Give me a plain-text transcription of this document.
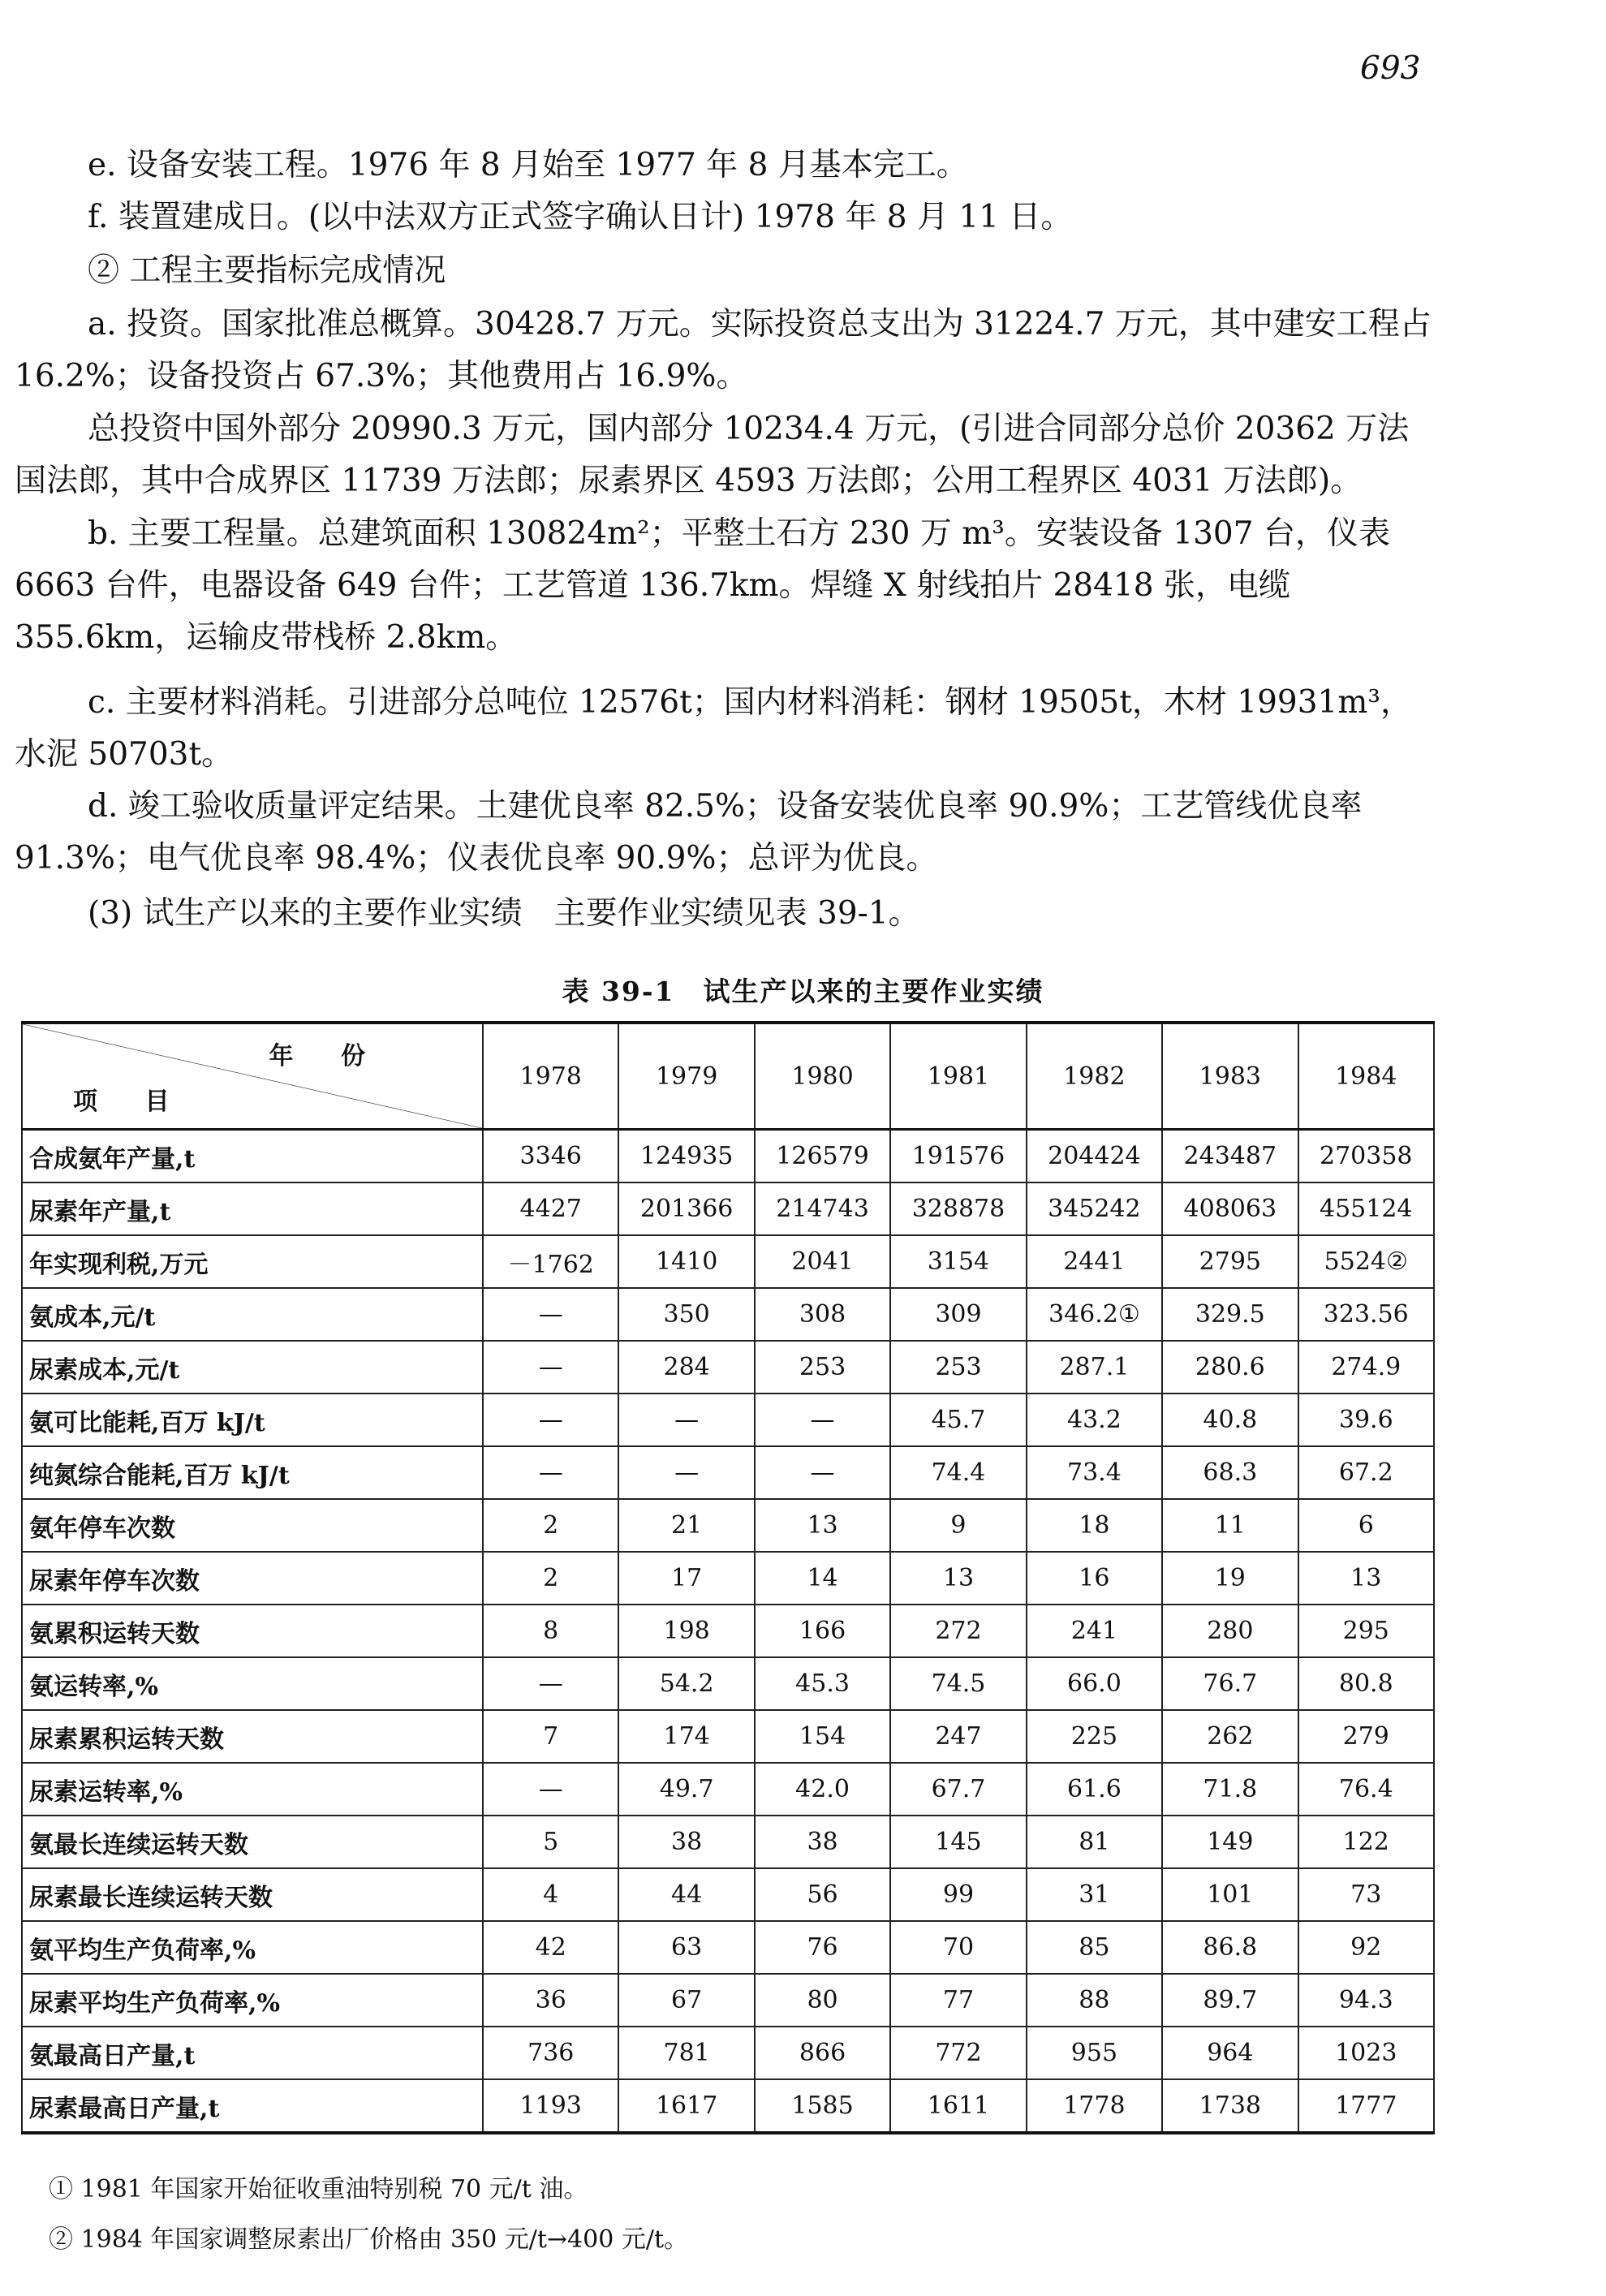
693

e. 设备安装工程。1976 年 8 月始至 1977 年 8 月基本完工。

f. 装置建成日。(以中法双方正式签字确认日计) 1978 年 8 月 11 日。

② 工程主要指标完成情况

a. 投资。国家批准总概算。30428.7 万元。实际投资总支出为 31224.7 万元，其中建安工程占 16.2%；设备投资占 67.3%；其他费用占 16.9%。

总投资中国外部分 20990.3 万元，国内部分 10234.4 万元，(引进合同部分总价 20362 万法国法郎，其中合成界区 11739 万法郎；尿素界区 4593 万法郎；公用工程界区 4031 万法郎)。

b. 主要工程量。总建筑面积 130824m²；平整土石方 230 万 m³。安装设备 1307 台，仪表 6663 台件，电器设备 649 台件；工艺管道 136.7km。焊缝 X 射线拍片 28418 张，电缆 355.6km，运输皮带栈桥 2.8km。

c. 主要材料消耗。引进部分总吨位 12576t；国内材料消耗：钢材 19505t，木材 19931m³，水泥 50703t。

d. 竣工验收质量评定结果。土建优良率 82.5%；设备安装优良率 90.9%；工艺管线优良率 91.3%；电气优良率 98.4%；仪表优良率 90.9%；总评为优良。

(3) 试生产以来的主要作业实绩　主要作业实绩见表 39-1。

表 39-1　试生产以来的主要作业实绩
年 份
项 目	1978	1979	1980	1981	1982	1983	1984
合成氨年产量,t	3346	124935	126579	191576	204424	243487	270358
尿素年产量,t	4427	201366	214743	328878	345242	408063	455124
年实现利税,万元	－1762	1410	2041	3154	2441	2795	5524②
氨成本,元/t	—	350	308	309	346.2①	329.5	323.56
尿素成本,元/t	—	284	253	253	287.1	280.6	274.9
氨可比能耗,百万 kJ/t	—	—	—	45.7	43.2	40.8	39.6
纯氮综合能耗,百万 kJ/t	—	—	—	74.4	73.4	68.3	67.2
氨年停车次数	2	21	13	9	18	11	6
尿素年停车次数	2	17	14	13	16	19	13
氨累积运转天数	8	198	166	272	241	280	295
氨运转率,%	—	54.2	45.3	74.5	66.0	76.7	80.8
尿素累积运转天数	7	174	154	247	225	262	279
尿素运转率,%	—	49.7	42.0	67.7	61.6	71.8	76.4
氨最长连续运转天数	5	38	38	145	81	149	122
尿素最长连续运转天数	4	44	56	99	31	101	73
氨平均生产负荷率,%	42	63	76	70	85	86.8	92
尿素平均生产负荷率,%	36	67	80	77	88	89.7	94.3
氨最高日产量,t	736	781	866	772	955	964	1023
尿素最高日产量,t	1193	1617	1585	1611	1778	1738	1777
① 1981 年国家开始征收重油特别税 70 元/t 油。
② 1984 年国家调整尿素出厂价格由 350 元/t→400 元/t。
